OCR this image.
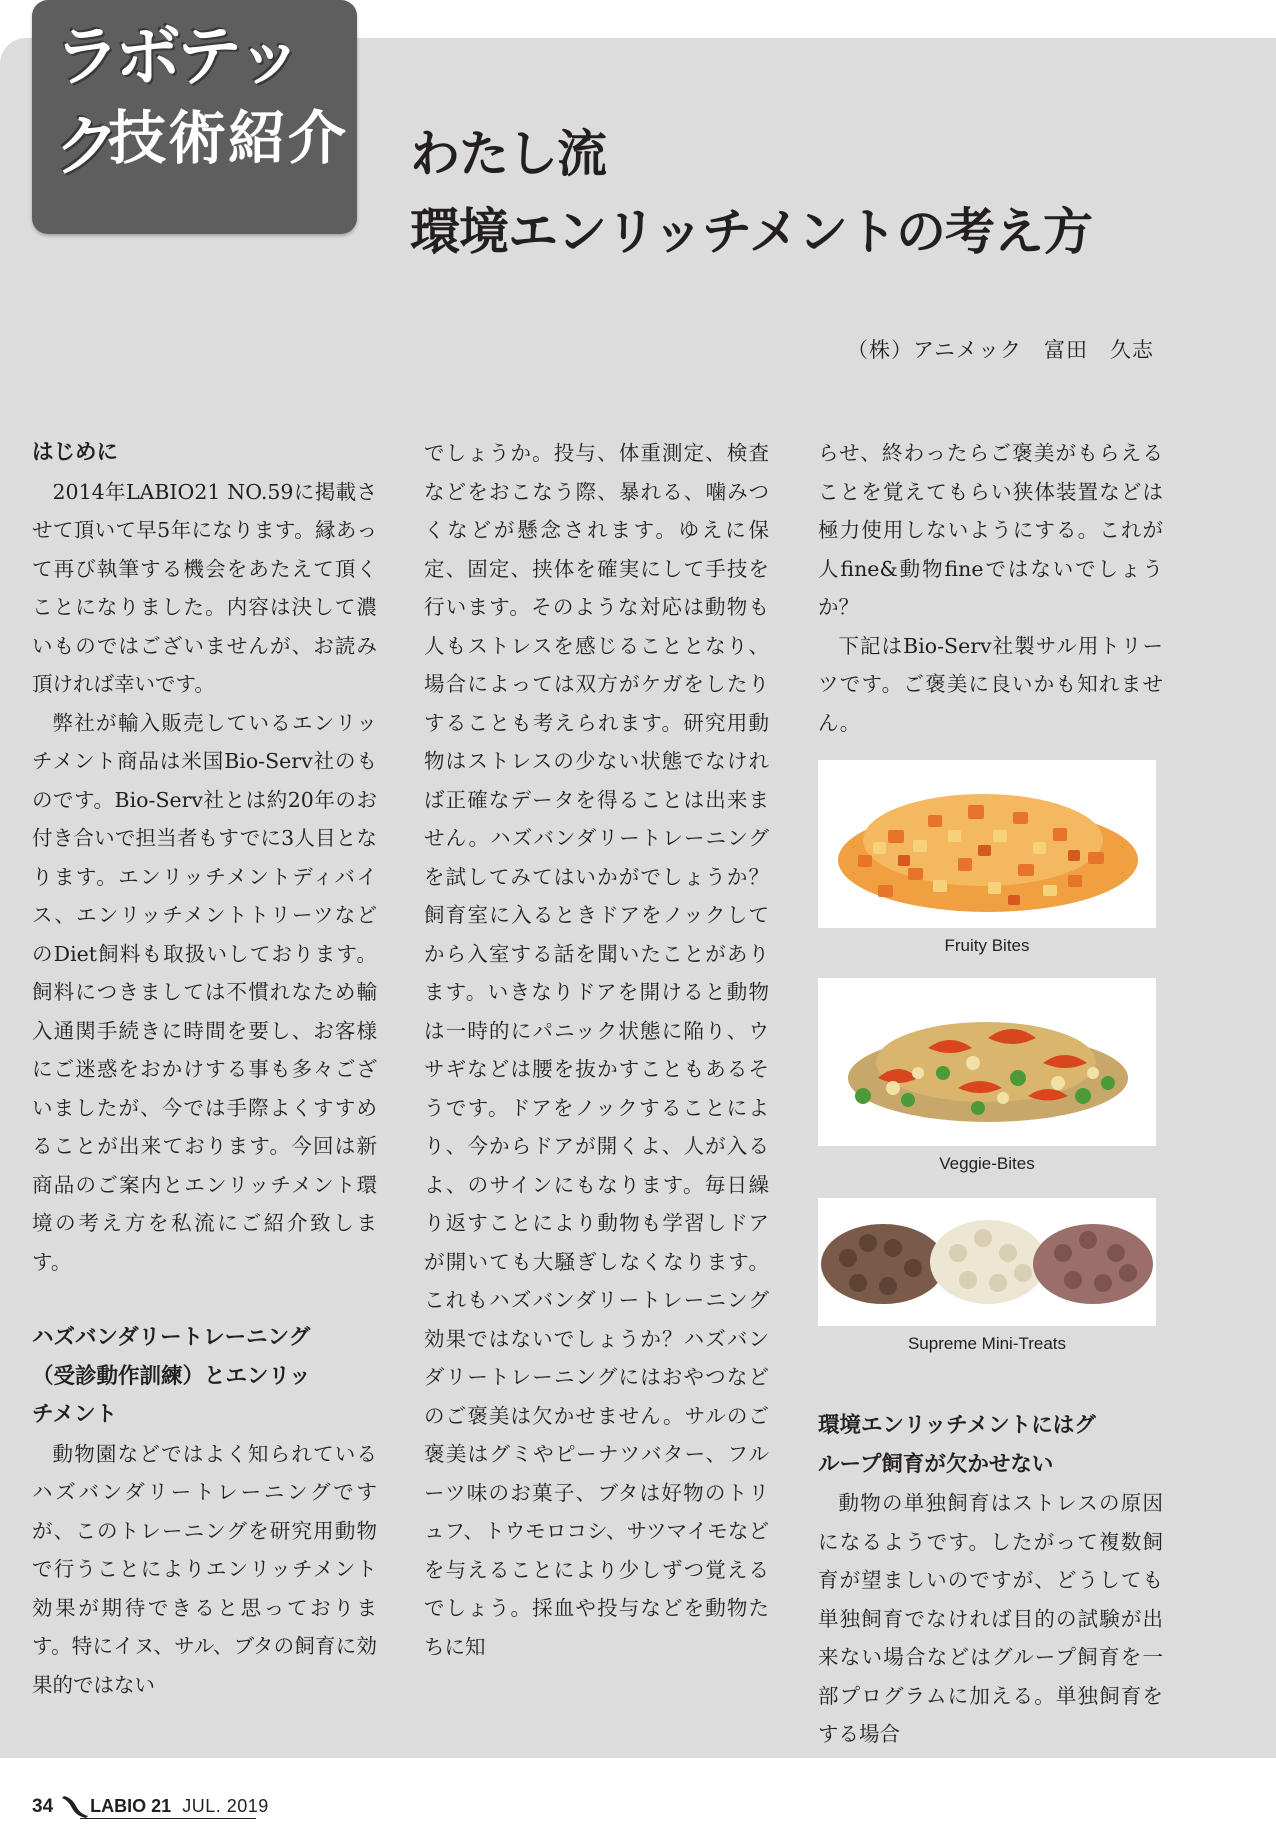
ラボテック
技術紹介 わたし流
環境エンリッチメントの考え方
（株）アニメック　富田　久志
はじめに

2014年LABIO21 NO.59に掲載させて頂いて早5年になります。縁あって再び執筆する機会をあたえて頂くことになりました。内容は決して濃いものではございませんが、お読み頂ければ幸いです。

弊社が輸入販売しているエンリッチメント商品は米国Bio-Serv社のものです。Bio-Serv社とは約20年のお付き合いで担当者もすでに3人目となります。エンリッチメントディバイス、エンリッチメントトリーツなどのDiet飼料も取扱いしております。飼料につきましては不慣れなため輸入通関手続きに時間を要し、お客様にご迷惑をおかけする事も多々ございましたが、今では手際よくすすめることが出来ております。今回は新商品のご案内とエンリッチメント環境の考え方を私流にご紹介致します。

ハズバンダリートレーニング（受診動作訓練）とエンリッチメント

動物園などではよく知られているハズバンダリートレーニングですが、このトレーニングを研究用動物で行うことによりエンリッチメント効果が期待できると思っております。特にイヌ、サル、ブタの飼育に効果的ではない

でしょうか。投与、体重測定、検査などをおこなう際、暴れる、噛みつくなどが懸念されます。ゆえに保定、固定、挟体を確実にして手技を行います。そのような対応は動物も人もストレスを感じることとなり、場合によっては双方がケガをしたりすることも考えられます。研究用動物はストレスの少ない状態でなければ正確なデータを得ることは出来ません。ハズバンダリートレーニングを試してみてはいかがでしょうか？飼育室に入るときドアをノックしてから入室する話を聞いたことがあります。いきなりドアを開けると動物は一時的にパニック状態に陥り、ウサギなどは腰を抜かすこともあるそうです。ドアをノックすることにより、今からドアが開くよ、人が入るよ、のサインにもなります。毎日繰り返すことにより動物も学習しドアが開いても大騒ぎしなくなります。これもハズバンダリートレーニング効果ではないでしょうか？ハズバンダリートレーニングにはおやつなどのご褒美は欠かせません。サルのご褒美はグミやピーナツバター、フルーツ味のお菓子、ブタは好物のトリュフ、トウモロコシ、サツマイモなどを与えることにより少しずつ覚えるでしょう。採血や投与などを動物たちに知

らせ、終わったらご褒美がもらえることを覚えてもらい狭体装置などは極力使用しないようにする。これが人fine&動物fineではないでしょうか？

下記はBio-Serv社製サル用トリーツです。ご褒美に良いかも知れません。

Fruity Bites
Veggie-Bites
Supreme Mini-Treats
環境エンリッチメントにはグループ飼育が欠かせない

動物の単独飼育はストレスの原因になるようです。したがって複数飼育が望ましいのですが、どうしても単独飼育でなければ目的の試験が出来ない場合などはグループ飼育を一部プログラムに加える。単独飼育をする場合

34 LABIO 21 JUL. 2019
